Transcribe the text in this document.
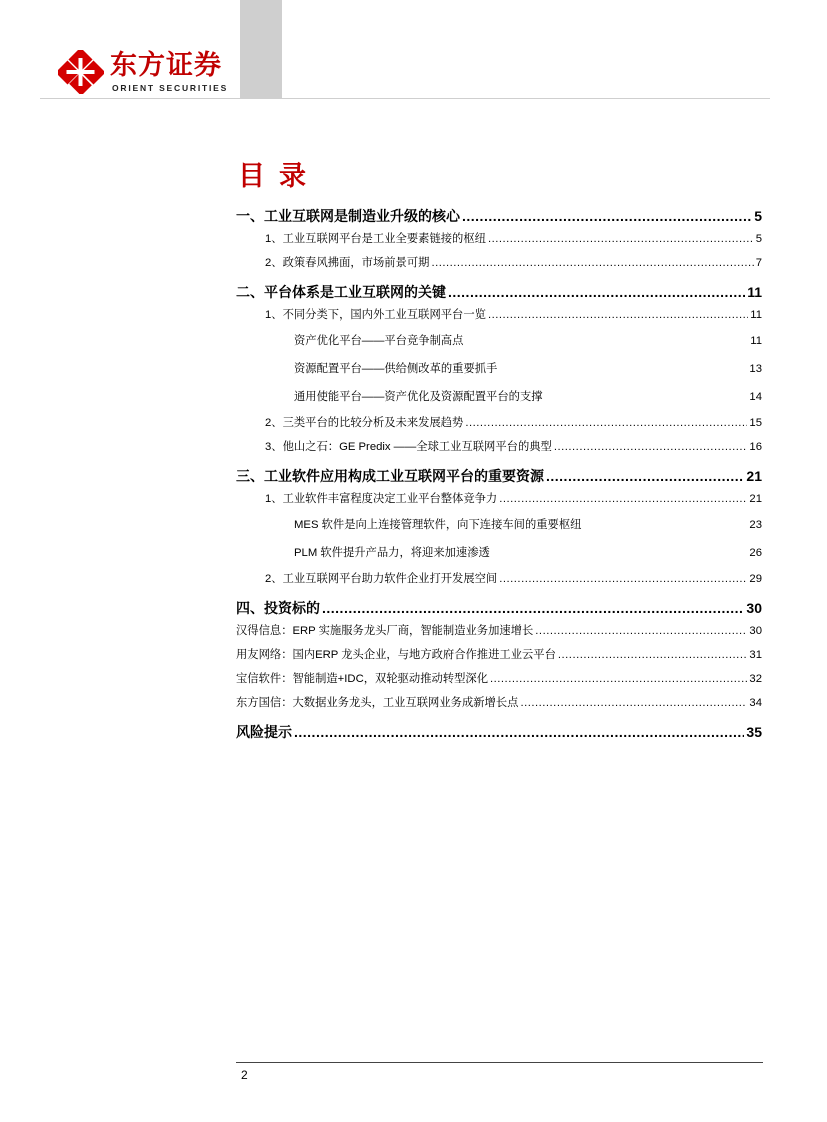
东方证券
ORIENT SECURITIES
目录
一、工业互联网是制造业升级的核心 .....	5
1、工业互联网平台是工业全要素链接的枢纽 .....	5
2、政策春风拂面，市场前景可期 .....	7
二、平台体系是工业互联网的关键 .....	11
1、不同分类下，国内外工业互联网平台一览 .....	11
资产优化平台——平台竞争制高点	11
资源配置平台——供给侧改革的重要抓手	13
通用使能平台——资产优化及资源配置平台的支撑	14
2、三类平台的比较分析及未来发展趋势 .....	15
3、他山之石：GE Predix ——全球工业互联网平台的典型 .....	16
三、工业软件应用构成工业互联网平台的重要资源 .....	21
1、工业软件丰富程度决定工业平台整体竞争力 .....	21
MES 软件是向上连接管理软件，向下连接车间的重要枢纽	23
PLM 软件提升产品力，将迎来加速渗透	26
2、工业互联网平台助力软件企业打开发展空间 .....	29
四、投资标的 .....	30
汉得信息：ERP 实施服务龙头厂商，智能制造业务加速增长 .....	30
用友网络：国内ERP 龙头企业，与地方政府合作推进工业云平台 .....	31
宝信软件：智能制造+IDC，双轮驱动推动转型深化 .....	32
东方国信：大数据业务龙头，工业互联网业务成新增长点 .....	34
风险提示 .....	35
2
